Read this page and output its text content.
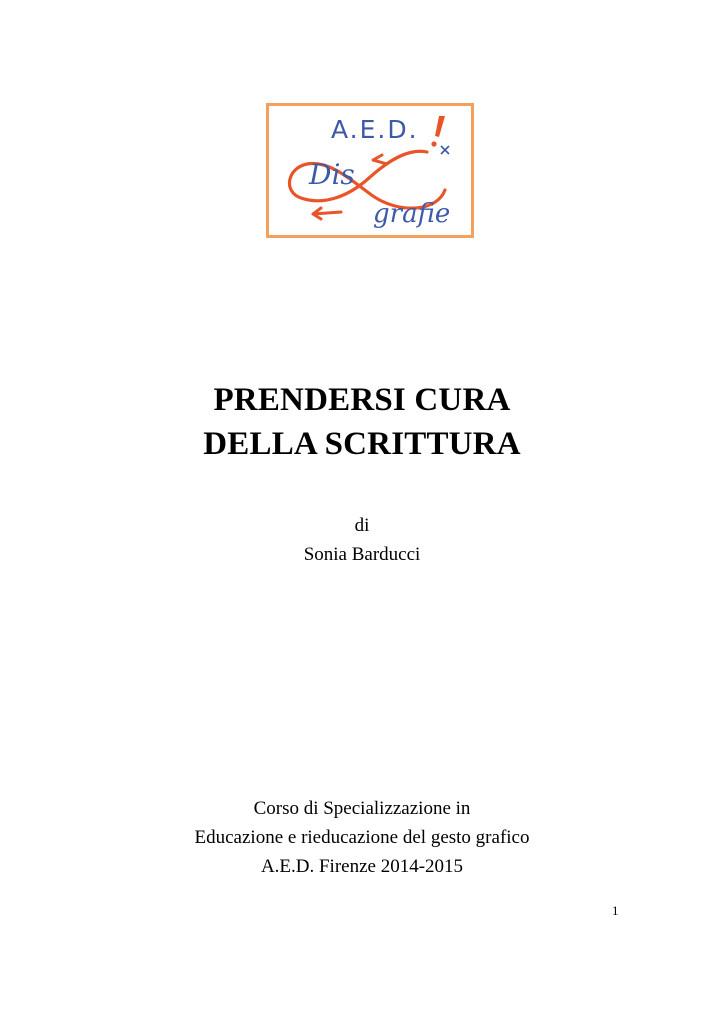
A.E.D.
Dis
grafie
PRENDERSI CURA
DELLA SCRITTURA
di
Sonia Barducci
Corso di Specializzazione in
Educazione e rieducazione del gesto grafico
A.E.D. Firenze 2014-2015
1
